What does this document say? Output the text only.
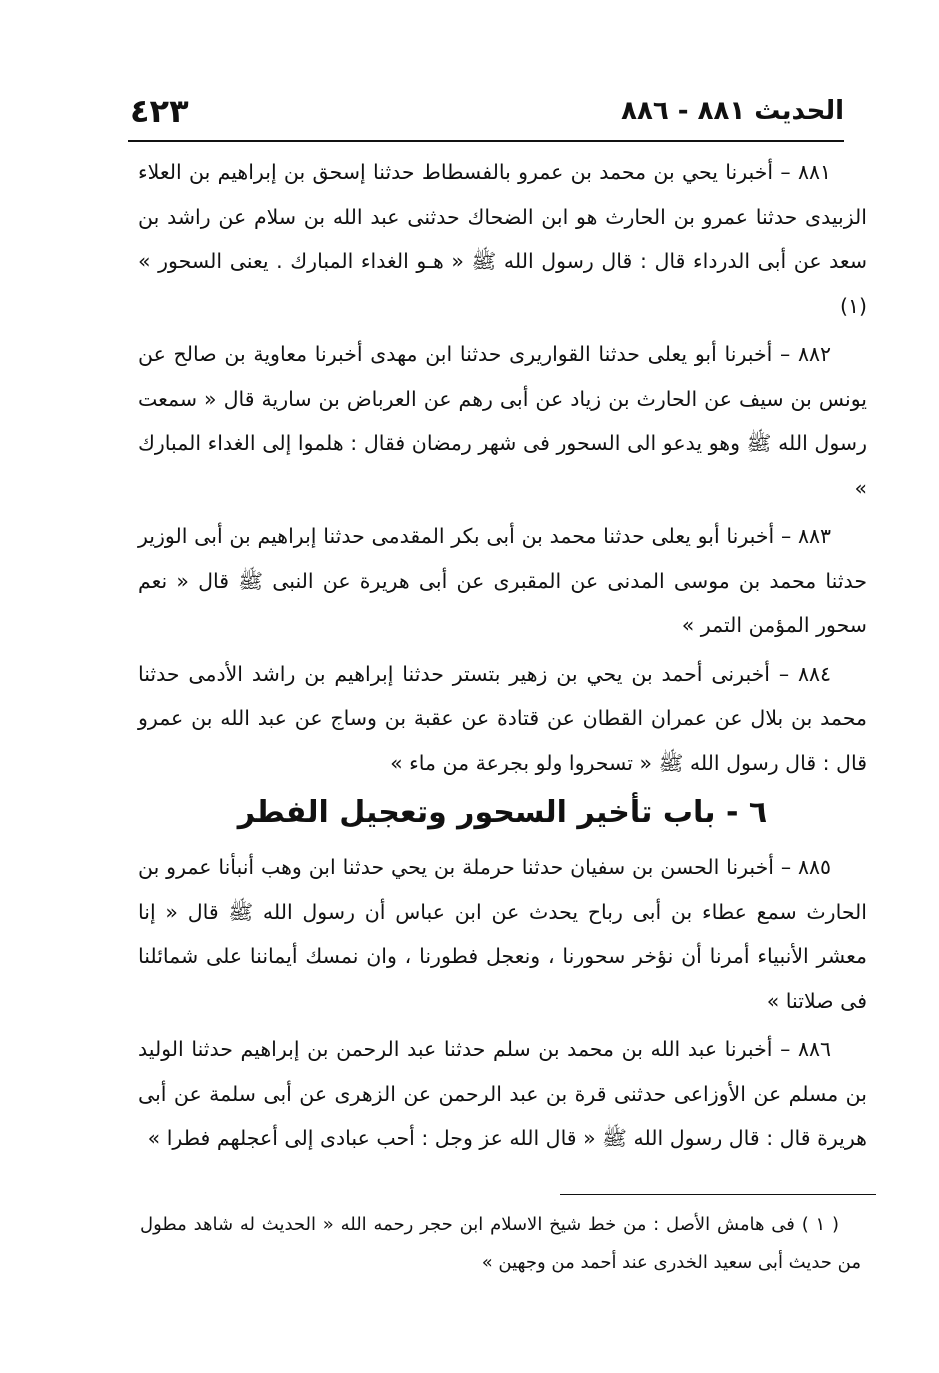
الحديث ٨٨١ - ٨٨٦
٤٢٣

٨٨١ – أخبرنا يحي بن محمد بن عمرو بالفسطاط حدثنا إسحق بن إبراهيم بن العلاء الزبيدى حدثنا عمرو بن الحارث هو ابن الضحاك حدثنى عبد الله بن سلام عن راشد بن سعد عن أبى الدرداء قال : قال رسول الله ﷺ « هـو الغداء المبارك . يعنى السحور » (١)

٨٨٢ – أخبرنا أبو يعلى حدثنا القواريرى حدثنا ابن مهدى أخبرنا معاوية بن صالح عن يونس بن سيف عن الحارث بن زياد عن أبى رهم عن العرباض بن سارية قال « سمعت رسول الله ﷺ وهو يدعو الى السحور فى شهر رمضان فقال : هلموا إلى الغداء المبارك »

٨٨٣ – أخبرنا أبو يعلى حدثنا محمد بن أبى بكر المقدمى حدثنا إبراهيم بن أبى الوزير حدثنا محمد بن موسى المدنى عن المقبرى عن أبى هريرة عن النبى ﷺ قال « نعم سحور المؤمن التمر »

٨٨٤ – أخبرنى أحمد بن يحي بن زهير بتستر حدثنا إبراهيم بن راشد الأدمى حدثنا محمد بن بلال عن عمران القطان عن قتادة عن عقبة بن وساج عن عبد الله بن عمرو قال : قال رسول الله ﷺ « تسحروا ولو بجرعة من ماء »

٦ - باب تأخير السحور وتعجيل الفطر

٨٨٥ – أخبرنا الحسن بن سفيان حدثنا حرملة بن يحي حدثنا ابن وهب أنبأنا عمرو بن الحارث سمع عطاء بن أبى رباح يحدث عن ابن عباس أن رسول الله ﷺ قال « إنا معشر الأنبياء أمرنا أن نؤخر سحورنا ، ونعجل فطورنا ، وان نمسك أيماننا على شمائلنا فى صلاتنا »

٨٨٦ – أخبرنا عبد الله بن محمد بن سلم حدثنا عبد الرحمن بن إبراهيم حدثنا الوليد بن مسلم عن الأوزاعى حدثنى قرة بن عبد الرحمن عن الزهرى عن أبى سلمة عن أبى هريرة قال : قال رسول الله ﷺ « قال الله عز وجل : أحب عبادى إلى أعجلهم فطرا »

( ١ ) فى هامش الأصل : من خط شيخ الاسلام ابن حجر رحمه الله « الحديث له شاهد مطول من حديث أبى سعيد الخدرى عند أحمد من وجهين »
